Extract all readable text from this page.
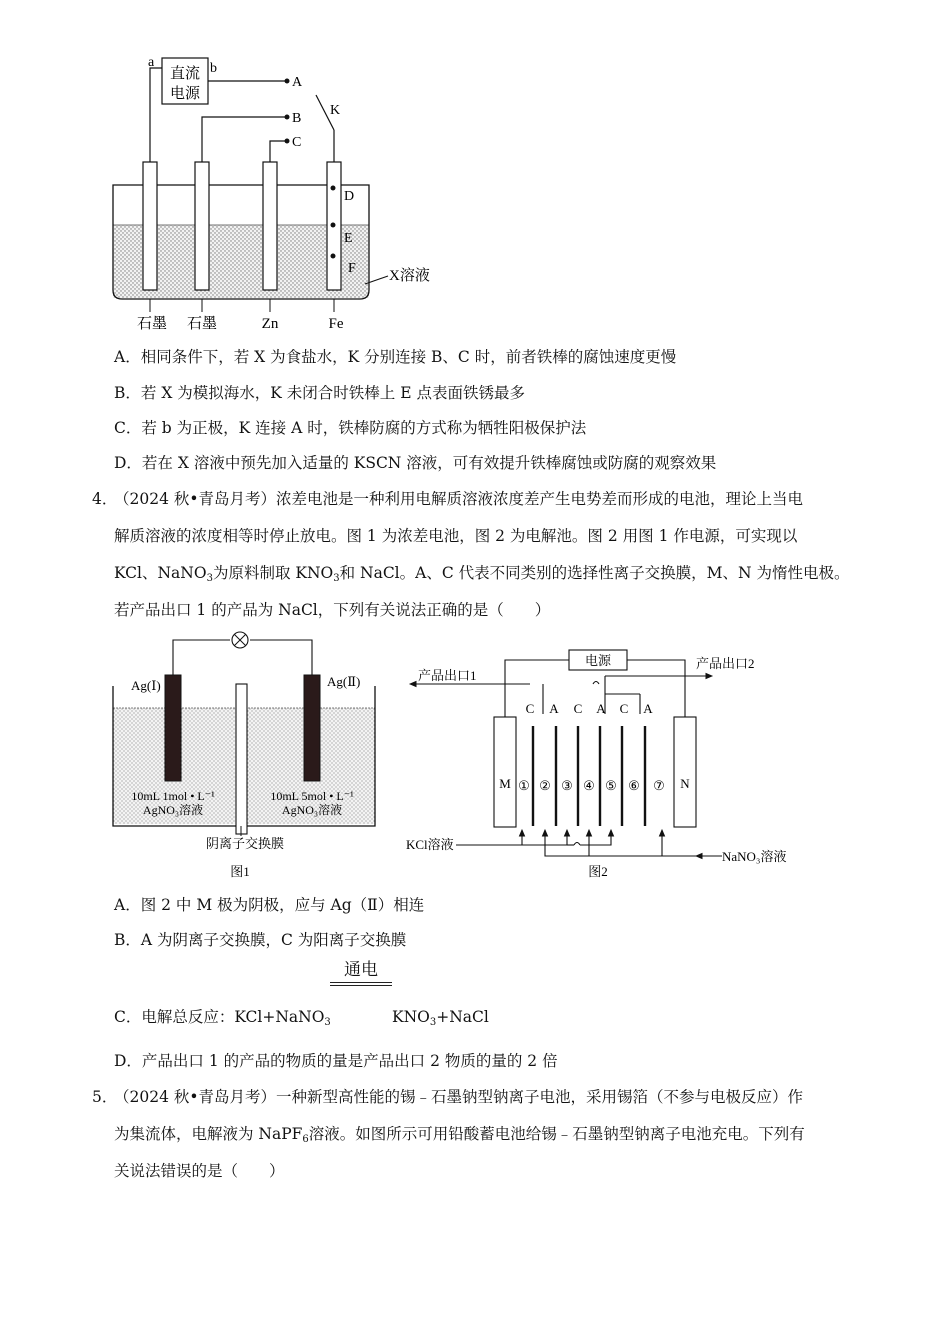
直流
电源
a	b
A
B
C
K
D
E
F X溶液
石墨 石墨	Zn	Fe
A．相同条件下，若 X 为食盐水，K 分别连接 B、C 时，前者铁棒的腐蚀速度更慢
B．若 X 为模拟海水，K 未闭合时铁棒上 E 点表面铁锈最多
C．若 b 为正极，K 连接 A 时，铁棒防腐的方式称为牺牲阳极保护法
D．若在 X 溶液中预先加入适量的 KSCN 溶液，可有效提升铁棒腐蚀或防腐的观察效果
4．
（2024 秋•青岛月考）浓差电池是一种利用电解质溶液浓度差产生电势差而形成的电池，理论上当电
解质溶液的浓度相等时停止放电。图 1 为浓差电池，图 2 为电解池。图 2 用图 1 作电源，可实现以
KCl、NaNO$_3$为原料制取 $KNO_3$和 NaCl。A、C 代表不同类别的选择性离子交换膜，M、N 为惰性电极。
若产品出口 1 的产品为 NaCl，下列有关说法正确的是（　　）
Ag(Ⅰ)	Ag(Ⅱ)
10mL 1mol • L⁻¹
AgNO₃溶液
10mL 5mol • L⁻¹
AgNO₃溶液
阴离子交换膜
图1
电源
产品出口1
产品出口2
M	N
C A C A C A
① ② ③ ④ ⑤ ⑥ ⑦
KCl溶液
NaNO₃溶液
图2
A．图 2 中 M 极为阴极，应与 Ag（Ⅱ）相连
B．A 为阴离子交换膜，C 为阳离子交换膜
通电
C．电解总反应：KCl+NaNO$_3$	$KNO_3+NaCl$
D．产品出口 1 的产品的物质的量是产品出口 2 物质的量的 2 倍
5．
（2024 秋•青岛月考）一种新型高性能的锡﹣石墨钠型钠离子电池，采用锡箔（不参与电极反应）作
为集流体，电解液为 NaPF$_6$溶液。如图所示可用铅酸蓄电池给锡﹣石墨钠型钠离子电池充电。下列有
关说法错误的是（　　）
